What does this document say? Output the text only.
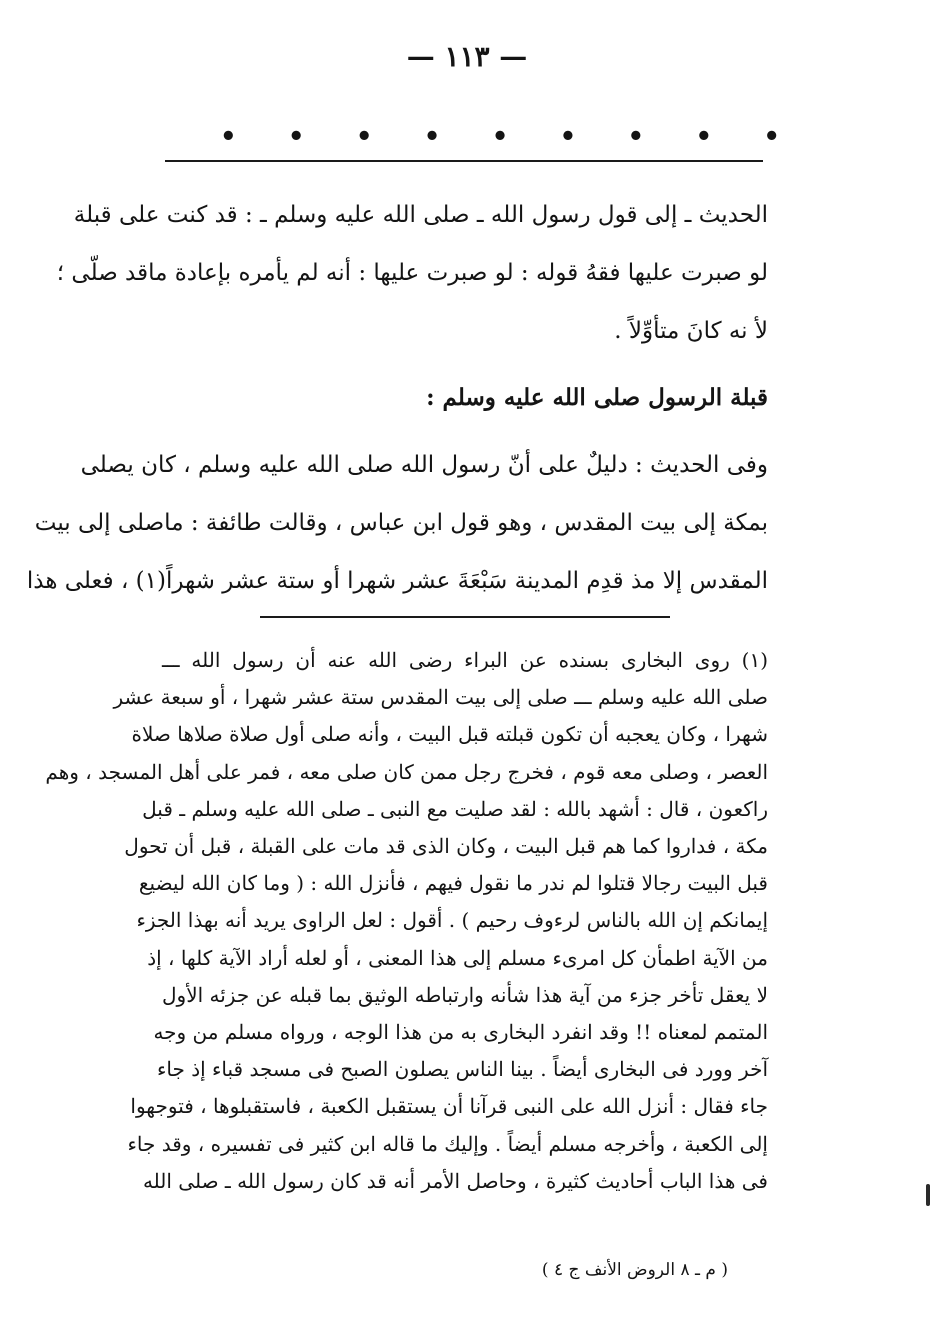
— ١١٣ —
• • • • • • • • •
الحديث ـ إلى قول رسول الله ـ صلى الله عليه وسلم ـ : قد كنت على قبلة
لو صبرت عليها فقهُ قوله : لو صبرت عليها : أنه لم يأمره بإعادة ماقد صلّى ؛
لأ نه كانَ متأوِّلاً .
قبلة الرسول صلى الله عليه وسلم :
وفى الحديث : دليلٌ على أنّ رسول الله صلى الله عليه وسلم ، كان يصلى
بمكة إلى بيت المقدس ، وهو قول ابن عباس ، وقالت طائفة : ماصلى إلى بيت
المقدس إلا مذ قدِم المدينة سَبْعَةَ عشر شهرا أو ستة عشر شهراً(١) ، فعلى هذا
(١) روى البخارى بسنده عن البراء رضى الله عنه أن رسول الله ـــ
صلى الله عليه وسلم ـــ صلى إلى بيت المقدس ستة عشر شهرا ، أو سبعة عشر
شهرا ، وكان يعجبه أن تكون قبلته قبل البيت ، وأنه صلى أول صلاة صلاها صلاة
العصر ، وصلى معه قوم ، فخرج رجل ممن كان صلى معه ، فمر على أهل المسجد ، وهم
راكعون ، قال : أشهد بالله : لقد صليت مع النبى ـ صلى الله عليه وسلم ـ قبل
مكة ، فداروا كما هم قبل البيت ، وكان الذى قد مات على القبلة ، قبل أن تحول
قبل البيت رجالا قتلوا لم ندر ما نقول فيهم ، فأنزل الله : ( وما كان الله ليضيع
إيمانكم إن الله بالناس لرءوف رحيم ) . أقول : لعل الراوى يريد أنه بهذا الجزء
من الآية اطمأن كل امرىء مسلم إلى هذا المعنى ، أو لعله أراد الآية كلها ، إذ
لا يعقل تأخر جزء من آية هذا شأنه وارتباطه الوثيق بما قبله عن جزئه الأول
المتمم لمعناه !! وقد انفرد البخارى به من هذا الوجه ، ورواه مسلم من وجه
آخر وورد فى البخارى أيضاً . بينا الناس يصلون الصبح فى مسجد قباء إذ جاء
جاء فقال : أنزل الله على النبى قرآنا أن يستقبل الكعبة ، فاستقبلوها ، فتوجهوا
إلى الكعبة ، وأخرجه مسلم أيضاً . وإليك ما قاله ابن كثير فى تفسيره ، وقد جاء
فى هذا الباب أحاديث كثيرة ، وحاصل الأمر أنه قد كان رسول الله ـ صلى الله
( م ـ ٨ الروض الأنف ج ٤ )
